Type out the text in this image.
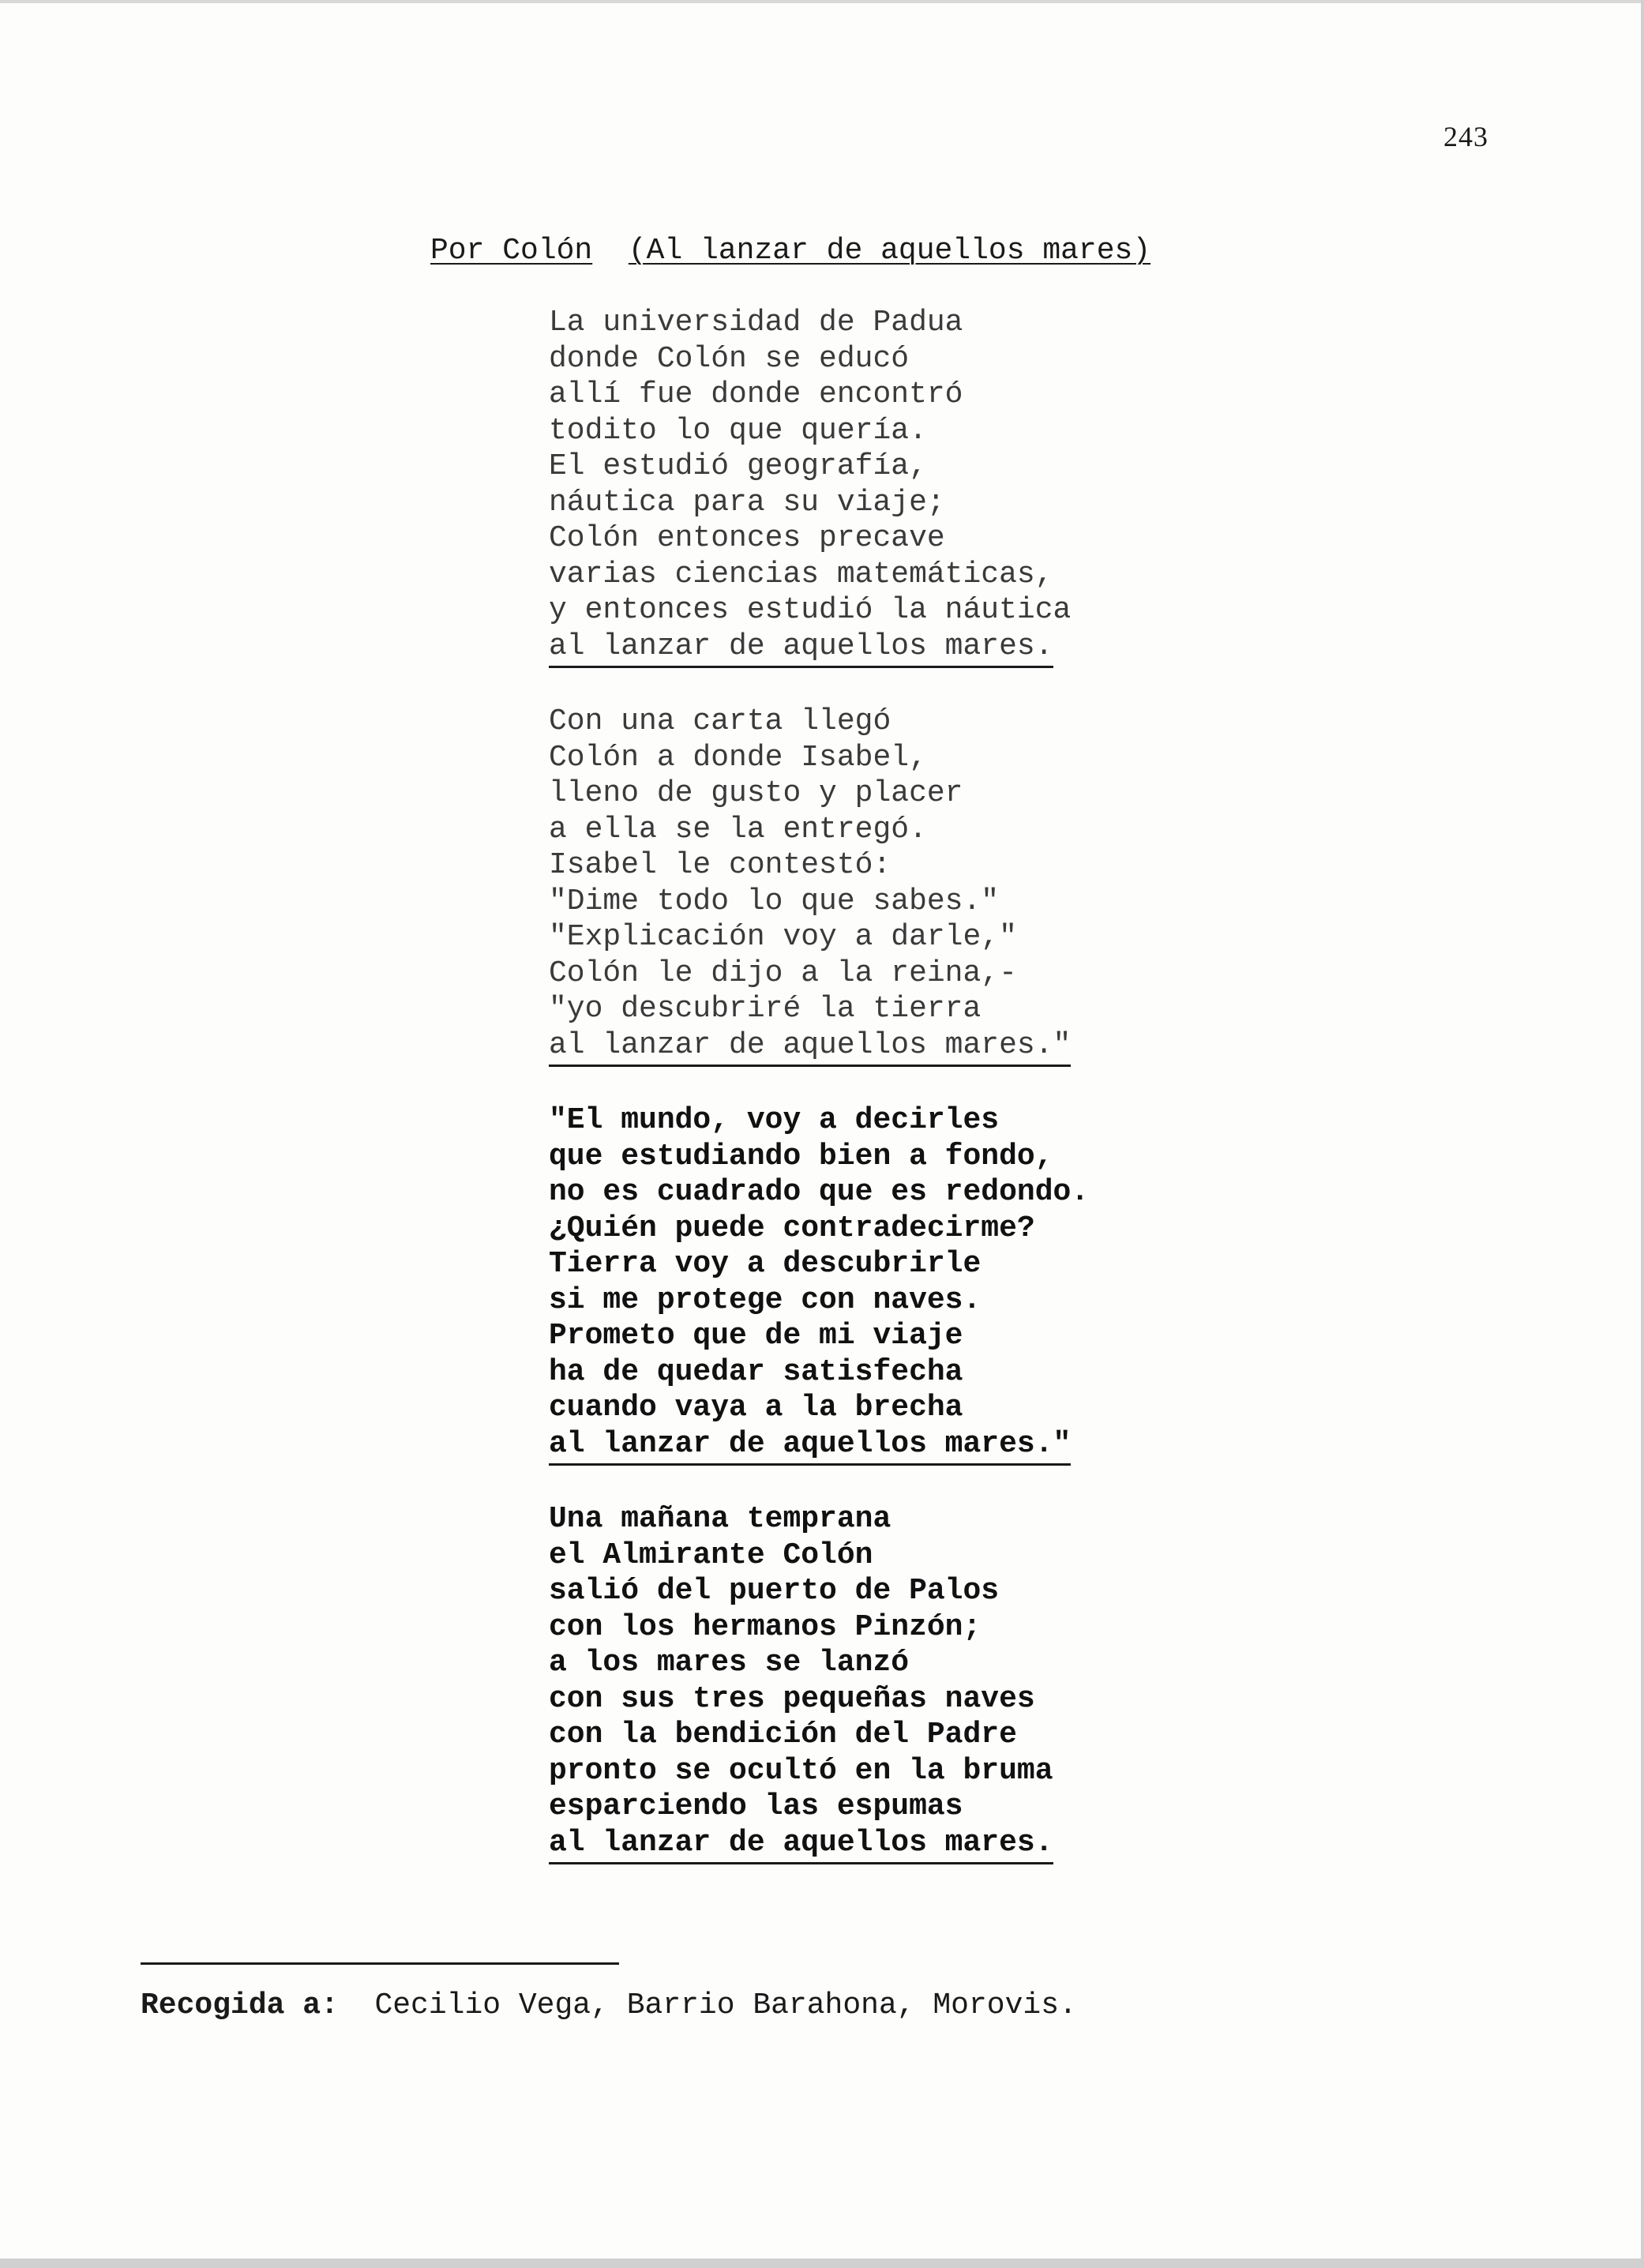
243
Por Colón (Al lanzar de aquellos mares)
La universidad de Padua
donde Colón se educó
allí fue donde encontró
todito lo que quería.
El estudió geografía,
náutica para su viaje;
Colón entonces precave
varias ciencias matemáticas,
y entonces estudió la náutica
al lanzar de aquellos mares.
Con una carta llegó
Colón a donde Isabel,
lleno de gusto y placer
a ella se la entregó.
Isabel le contestó:
"Dime todo lo que sabes."
"Explicación voy a darle,"
Colón le dijo a la reina,-
"yo descubriré la tierra
al lanzar de aquellos mares."
"El mundo, voy a decirles
que estudiando bien a fondo,
no es cuadrado que es redondo.
¿Quién puede contradecirme?
Tierra voy a descubrirle
si me protege con naves.
Prometo que de mi viaje
ha de quedar satisfecha
cuando vaya a la brecha
al lanzar de aquellos mares."
Una mañana temprana
el Almirante Colón
salió del puerto de Palos
con los hermanos Pinzón;
a los mares se lanzó
con sus tres pequeñas naves
con la bendición del Padre
pronto se ocultó en la bruma
esparciendo las espumas
al lanzar de aquellos mares.
Recogida a: Cecilio Vega, Barrio Barahona, Morovis.
